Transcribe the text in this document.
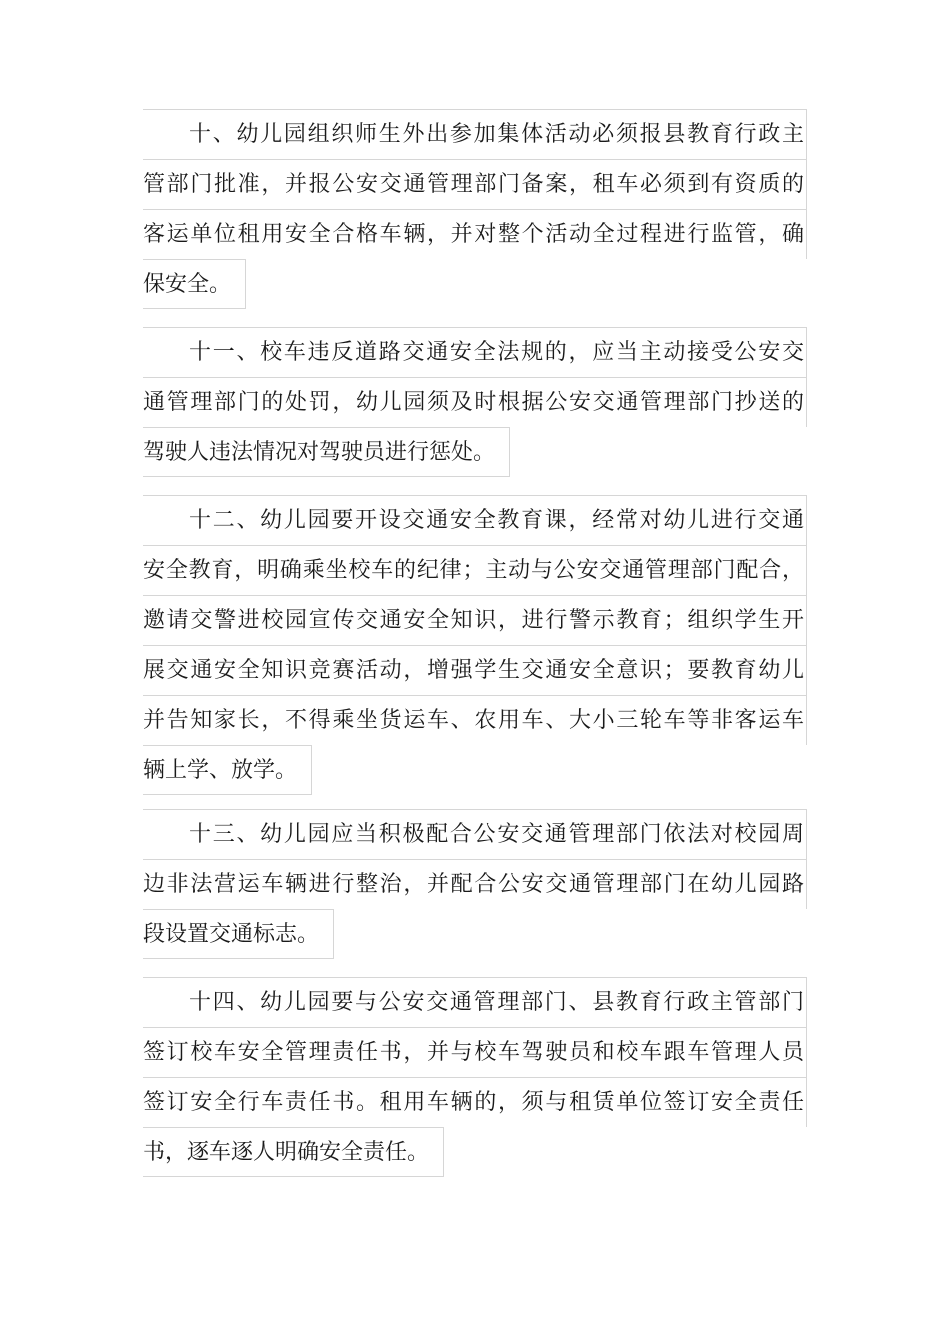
十、幼儿园组织师生外出参加集体活动必须报县教育行政主
管部门批准，并报公安交通管理部门备案，租车必须到有资质的
客运单位租用安全合格车辆，并对整个活动全过程进行监管，确
保安全。
十一、校车违反道路交通安全法规的，应当主动接受公安交
通管理部门的处罚，幼儿园须及时根据公安交通管理部门抄送的
驾驶人违法情况对驾驶员进行惩处。
十二、幼儿园要开设交通安全教育课，经常对幼儿进行交通
安全教育，明确乘坐校车的纪律；主动与公安交通管理部门配合，
邀请交警进校园宣传交通安全知识，进行警示教育；组织学生开
展交通安全知识竞赛活动，增强学生交通安全意识；要教育幼儿
并告知家长，不得乘坐货运车、农用车、大小三轮车等非客运车
辆上学、放学。
十三、幼儿园应当积极配合公安交通管理部门依法对校园周
边非法营运车辆进行整治，并配合公安交通管理部门在幼儿园路
段设置交通标志。
十四、幼儿园要与公安交通管理部门、县教育行政主管部门
签订校车安全管理责任书，并与校车驾驶员和校车跟车管理人员
签订安全行车责任书。租用车辆的，须与租赁单位签订安全责任
书，逐车逐人明确安全责任。
